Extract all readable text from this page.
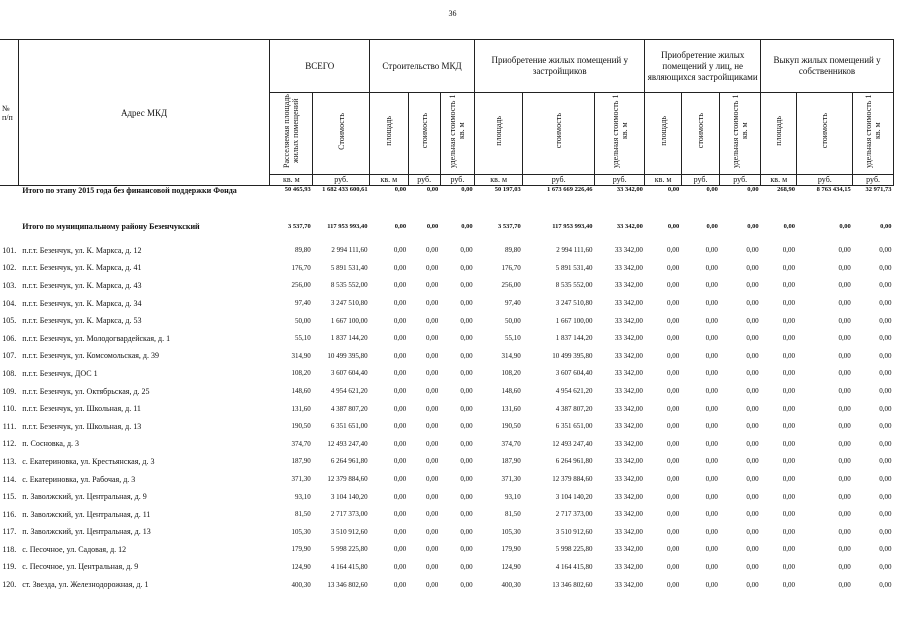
36
№ п/п	Адрес МКД	ВСЕГО		Строительство МКД			Приобретение жилых помещений у застройщиков			Приобретение жилых помещений у лиц, не являющихся застройщиками			Выкуп жилых помещений у собственников		
		Расселяемая площадь жилых помещений	Стоимость	площадь	стоимость	удельная стоимость 1 кв. м	площадь	стоимость	удельная стоимость 1 кв. м	площадь	стоимость	удельная стоимость 1 кв. м	площадь	стоимость	удельная стоимость 1 кв. м
		кв. м	руб.	кв. м	руб.	руб.	кв. м	руб.	руб.	кв. м	руб.	руб.	кв. м	руб.	руб.
	Итого по этапу 2015 года без финансовой поддержки Фонда	50 465,93	1 682 433 600,61	0,00	0,00	0,00	50 197,03	1 673 669 226,46	33 342,00	0,00	0,00	0,00	268,90	8 763 434,15	32 971,73
	Итого по муниципальному району Безенчукский	3 537,70	117 953 993,40	0,00	0,00	0,00	3 537,70	117 953 993,40	33 342,00	0,00	0,00	0,00	0,00	0,00	0,00
101.	п.г.т. Безенчук, ул. К. Маркса, д. 12	89,80	2 994 111,60	0,00	0,00	0,00	89,80	2 994 111,60	33 342,00	0,00	0,00	0,00	0,00	0,00	0,00
102.	п.г.т. Безенчук, ул. К. Маркса, д. 41	176,70	5 891 531,40	0,00	0,00	0,00	176,70	5 891 531,40	33 342,00	0,00	0,00	0,00	0,00	0,00	0,00
103.	п.г.т. Безенчук, ул. К. Маркса, д. 43	256,00	8 535 552,00	0,00	0,00	0,00	256,00	8 535 552,00	33 342,00	0,00	0,00	0,00	0,00	0,00	0,00
104.	п.г.т. Безенчук, ул. К. Маркса, д. 34	97,40	3 247 510,80	0,00	0,00	0,00	97,40	3 247 510,80	33 342,00	0,00	0,00	0,00	0,00	0,00	0,00
105.	п.г.т. Безенчук, ул. К. Маркса, д. 53	50,00	1 667 100,00	0,00	0,00	0,00	50,00	1 667 100,00	33 342,00	0,00	0,00	0,00	0,00	0,00	0,00
106.	п.г.т. Безенчук, ул. Молодогвардейская, д. 1	55,10	1 837 144,20	0,00	0,00	0,00	55,10	1 837 144,20	33 342,00	0,00	0,00	0,00	0,00	0,00	0,00
107.	п.г.т. Безенчук, ул. Комсомольская, д. 39	314,90	10 499 395,80	0,00	0,00	0,00	314,90	10 499 395,80	33 342,00	0,00	0,00	0,00	0,00	0,00	0,00
108.	п.г.т. Безенчук, ДОС 1	108,20	3 607 604,40	0,00	0,00	0,00	108,20	3 607 604,40	33 342,00	0,00	0,00	0,00	0,00	0,00	0,00
109.	п.г.т. Безенчук, ул. Октябрьская, д. 25	148,60	4 954 621,20	0,00	0,00	0,00	148,60	4 954 621,20	33 342,00	0,00	0,00	0,00	0,00	0,00	0,00
110.	п.г.т. Безенчук, ул. Школьная, д. 11	131,60	4 387 807,20	0,00	0,00	0,00	131,60	4 387 807,20	33 342,00	0,00	0,00	0,00	0,00	0,00	0,00
111.	п.г.т. Безенчук, ул. Школьная, д. 13	190,50	6 351 651,00	0,00	0,00	0,00	190,50	6 351 651,00	33 342,00	0,00	0,00	0,00	0,00	0,00	0,00
112.	п. Сосновка, д. 3	374,70	12 493 247,40	0,00	0,00	0,00	374,70	12 493 247,40	33 342,00	0,00	0,00	0,00	0,00	0,00	0,00
113.	с. Екатериновка, ул. Крестьянская, д. 3	187,90	6 264 961,80	0,00	0,00	0,00	187,90	6 264 961,80	33 342,00	0,00	0,00	0,00	0,00	0,00	0,00
114.	с. Екатериновка, ул. Рабочая, д. 3	371,30	12 379 884,60	0,00	0,00	0,00	371,30	12 379 884,60	33 342,00	0,00	0,00	0,00	0,00	0,00	0,00
115.	п. Заволжский, ул. Центральная, д. 9	93,10	3 104 140,20	0,00	0,00	0,00	93,10	3 104 140,20	33 342,00	0,00	0,00	0,00	0,00	0,00	0,00
116.	п. Заволжский, ул. Центральная, д. 11	81,50	2 717 373,00	0,00	0,00	0,00	81,50	2 717 373,00	33 342,00	0,00	0,00	0,00	0,00	0,00	0,00
117.	п. Заволжский, ул. Центральная, д. 13	105,30	3 510 912,60	0,00	0,00	0,00	105,30	3 510 912,60	33 342,00	0,00	0,00	0,00	0,00	0,00	0,00
118.	с. Песочное, ул. Садовая, д. 12	179,90	5 998 225,80	0,00	0,00	0,00	179,90	5 998 225,80	33 342,00	0,00	0,00	0,00	0,00	0,00	0,00
119.	с. Песочное, ул. Центральная, д. 9	124,90	4 164 415,80	0,00	0,00	0,00	124,90	4 164 415,80	33 342,00	0,00	0,00	0,00	0,00	0,00	0,00
120.	ст. Звезда, ул. Железнодорожная, д. 1	400,30	13 346 802,60	0,00	0,00	0,00	400,30	13 346 802,60	33 342,00	0,00	0,00	0,00	0,00	0,00	0,00
